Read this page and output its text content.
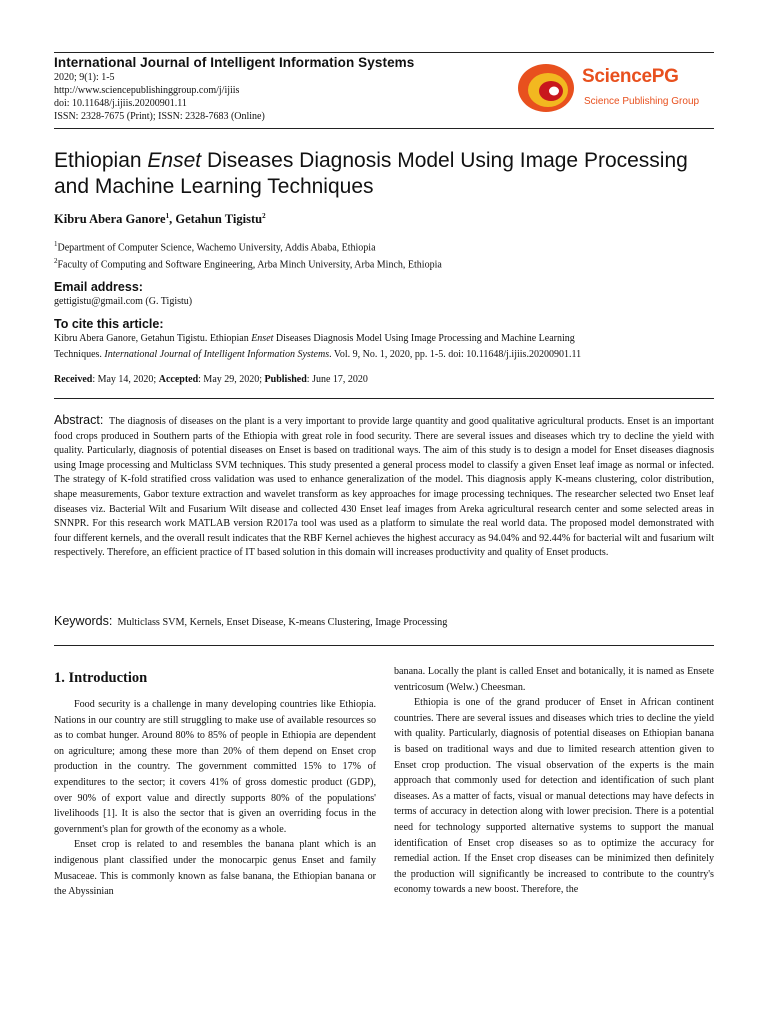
International Journal of Intelligent Information Systems
2020; 9(1): 1-5
http://www.sciencepublishinggroup.com/j/ijiis
doi: 10.11648/j.ijiis.20200901.11
ISSN: 2328-7675 (Print); ISSN: 2328-7683 (Online)
SciencePG
Science Publishing Group
Ethiopian Enset Diseases Diagnosis Model Using Image Processing and Machine Learning Techniques
Kibru Abera Ganore$^1$, Getahun Tigistu$^2$
$^1$Department of Computer Science, Wachemo University, Addis Ababa, Ethiopia
$^2$Faculty of Computing and Software Engineering, Arba Minch University, Arba Minch, Ethiopia
Email address:
gettigistu@gmail.com (G. Tigistu)
To cite this article:
Kibru Abera Ganore, Getahun Tigistu. Ethiopian Enset Diseases Diagnosis Model Using Image Processing and Machine Learning
Techniques. International Journal of Intelligent Information Systems. Vol. 9, No. 1, 2020, pp. 1-5. doi: 10.11648/j.ijiis.20200901.11
Received: May 14, 2020; Accepted: May 29, 2020; Published: June 17, 2020
Abstract: The diagnosis of diseases on the plant is a very important to provide large quantity and good qualitative agricultural products. Enset is an important food crops produced in Southern parts of the Ethiopia with great role in food security. There are several issues and diseases which try to decline the yield with quality. Particularly, diagnosis of potential diseases on Enset is based on traditional ways. The aim of this study is to design a model for Enset diseases diagnosis using Image processing and Multiclass SVM techniques. This study presented a general process model to classify a given Enset leaf image as normal or infected. The strategy of K-fold stratified cross validation was used to enhance generalization of the model. This diagnosis apply K-means clustering, color distribution, shape measurements, Gabor texture extraction and wavelet transform as key approaches for image processing techniques. The researcher selected two Enset leaf diseases viz. Bacterial Wilt and Fusarium Wilt disease and collected 430 Enset leaf images from Areka agricultural research center and some selected areas in SNNPR. For this research work MATLAB version R2017a tool was used as a platform to simulate the real world data. The proposed model demonstrated with four different kernels, and the overall result indicates that the RBF Kernel achieves the highest accuracy as 94.04% and 92.44% for bacterial wilt and fusarium wilt respectively. Therefore, an efficient practice of IT based solution in this domain will increases productivity and quality of Enset products.
Keywords: Multiclass SVM, Kernels, Enset Disease, K-means Clustering, Image Processing
1. Introduction

Food security is a challenge in many developing countries like Ethiopia. Nations in our country are still struggling to make use of available resources so as to combat hunger. Around 80% to 85% of people in Ethiopia are dependent on agriculture; among these more than 20% of them depend on Enset crop production in the country. The government committed 15% to 17% of expenditures to the sector; it covers 41% of gross domestic product (GDP), over 90% of export value and directly supports 80% of the populations' livelihoods [1]. It is also the sector that is given an overriding focus in the government's plan for growth of the economy as a whole.

Enset crop is related to and resembles the banana plant which is an indigenous plant classified under the monocarpic genus Enset and family Musaceae. This is commonly known as false banana, the Ethiopian banana or the Abyssinian

banana. Locally the plant is called Enset and botanically, it is named as Ensete ventricosum (Welw.) Cheesman.

Ethiopia is one of the grand producer of Enset in African continent countries. There are several issues and diseases which tries to decline the yield with quality. Particularly, diagnosis of potential diseases on Ethiopian banana is based on traditional ways and due to limited research attention given to Enset crop production. The visual observation of the experts is the main approach that commonly used for detection and identification of such plant diseases. As a matter of facts, visual or manual detections may have defects in terms of accuracy in detection along with lower precision. There is a potential need for technology supported alternative systems to support the manual identification of Enset crop diseases so as to optimize the accuracy for remedial action. If the Enset crop diseases can be minimized then definitely the production will significantly be increased to contribute to the country's economy towards a new boost. Therefore, the
